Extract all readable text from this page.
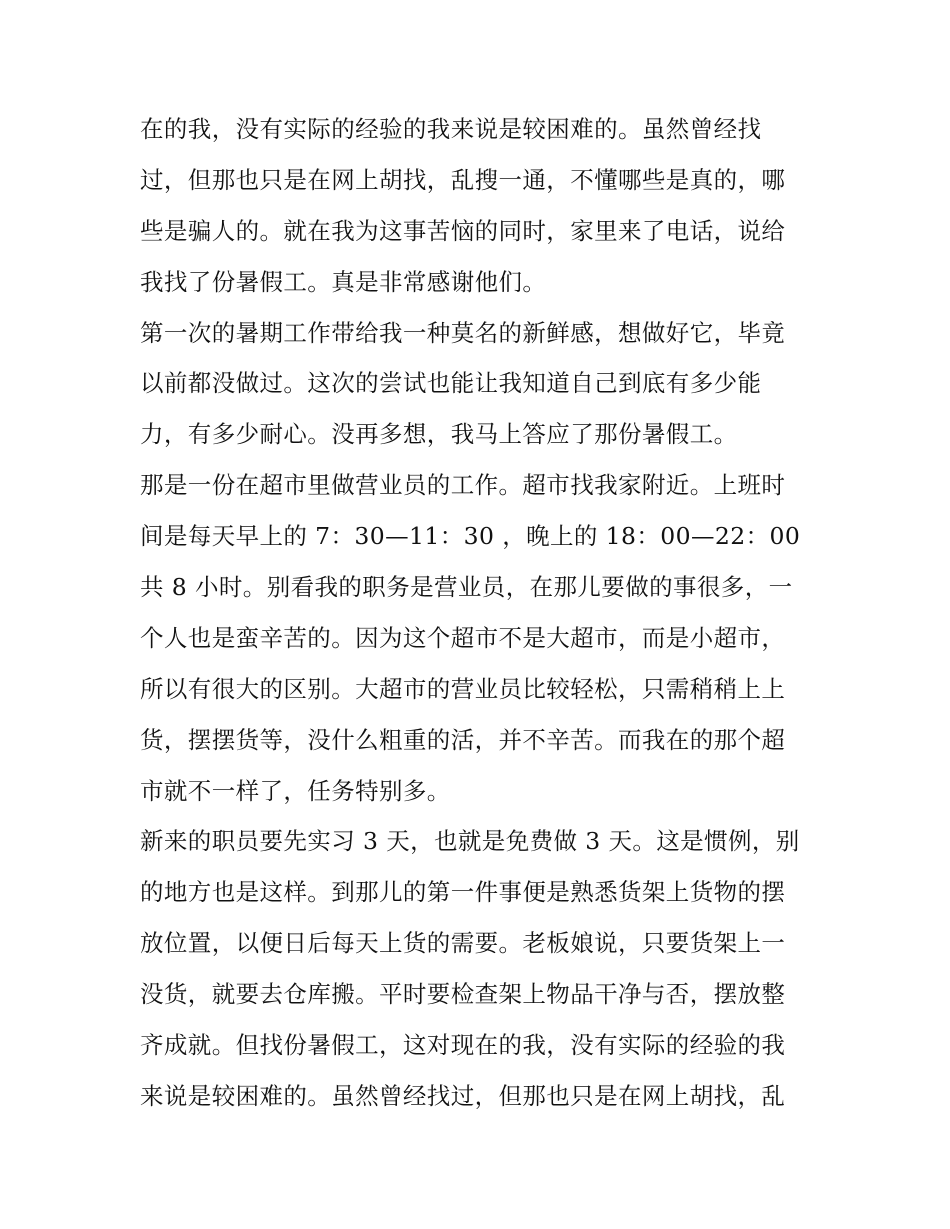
在的我，没有实际的经验的我来说是较困难的。虽然曾经找
过，但那也只是在网上胡找，乱搜一通，不懂哪些是真的，哪
些是骗人的。就在我为这事苦恼的同时，家里来了电话，说给
我找了份暑假工。真是非常感谢他们。
第一次的暑期工作带给我一种莫名的新鲜感，想做好它，毕竟
以前都没做过。这次的尝试也能让我知道自己到底有多少能
力，有多少耐心。没再多想，我马上答应了那份暑假工。
那是一份在超市里做营业员的工作。超市找我家附近。上班时
间是每天早上的 7：30—11：30 ，晚上的 18：00—22：00
共 8 小时。别看我的职务是营业员，在那儿要做的事很多，一
个人也是蛮辛苦的。因为这个超市不是大超市，而是小超市，
所以有很大的区别。大超市的营业员比较轻松，只需稍稍上上
货，摆摆货等，没什么粗重的活，并不辛苦。而我在的那个超
市就不一样了，任务特别多。
新来的职员要先实习 3 天，也就是免费做 3 天。这是惯例，别
的地方也是这样。到那儿的第一件事便是熟悉货架上货物的摆
放位置，以便日后每天上货的需要。老板娘说，只要货架上一
没货，就要去仓库搬。平时要检查架上物品干净与否，摆放整
齐成就。但找份暑假工，这对现在的我，没有实际的经验的我
来说是较困难的。虽然曾经找过，但那也只是在网上胡找，乱
